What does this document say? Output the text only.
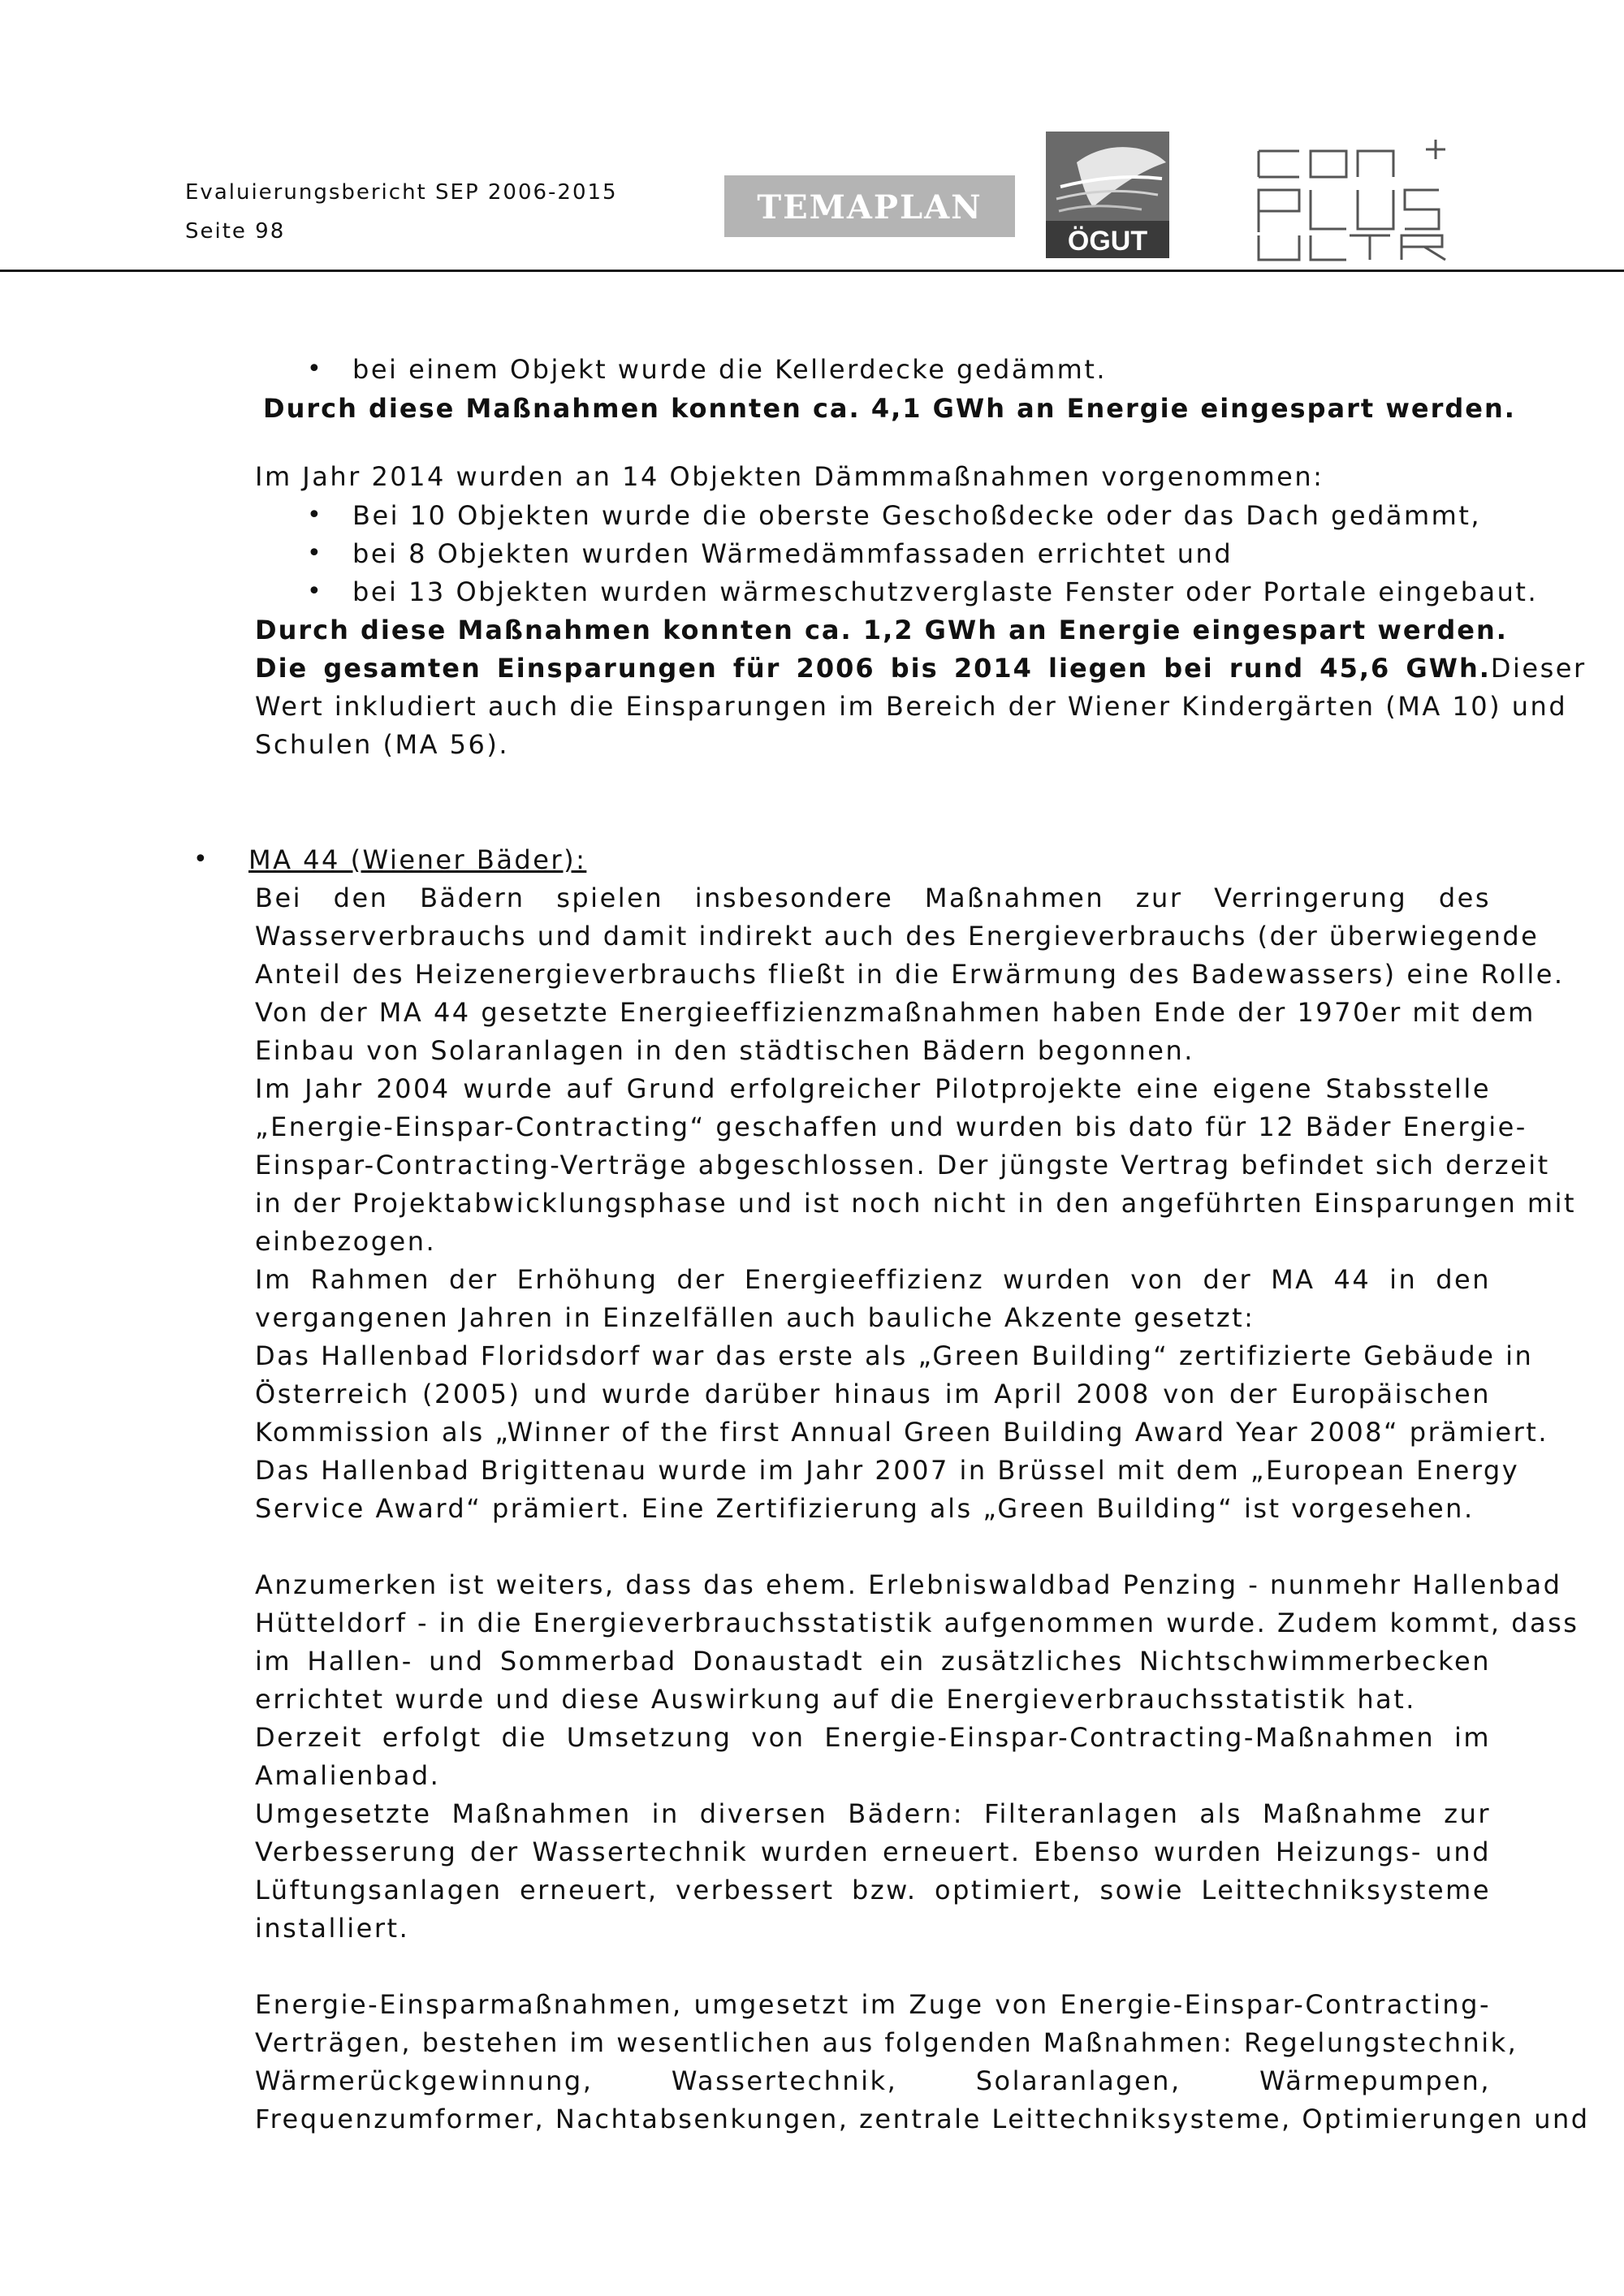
Evaluierungsbericht SEP 2006-2015
Seite 98
TEMAPLAN
ÖGUT
CON PLUS ULTRA +
• bei einem Objekt wurde die Kellerdecke gedämmt.
Durch diese Maßnahmen konnten ca. 4,1 GWh an Energie eingespart werden.
Im Jahr 2014 wurden an 14 Objekten Dämmmaßnahmen vorgenommen:
• Bei 10 Objekten wurde die oberste Geschoßdecke oder das Dach gedämmt,
• bei 8 Objekten wurden Wärmedämmfassaden errichtet und
• bei 13 Objekten wurden wärmeschutzverglaste Fenster oder Portale eingebaut.
Durch diese Maßnahmen konnten ca. 1,2 GWh an Energie eingespart werden.
Die gesamten Einsparungen für 2006 bis 2014 liegen bei rund 45,6 GWh. Dieser
Wert inkludiert auch die Einsparungen im Bereich der Wiener Kindergärten (MA 10) und
Schulen (MA 56).
• MA 44 (Wiener Bäder):
Bei den Bädern spielen insbesondere Maßnahmen zur Verringerung des
Wasserverbrauchs und damit indirekt auch des Energieverbrauchs (der überwiegende
Anteil des Heizenergieverbrauchs fließt in die Erwärmung des Badewassers) eine Rolle.
Von der MA 44 gesetzte Energieeffizienzmaßnahmen haben Ende der 1970er mit dem
Einbau von Solaranlagen in den städtischen Bädern begonnen.
Im Jahr 2004 wurde auf Grund erfolgreicher Pilotprojekte eine eigene Stabsstelle
„Energie-Einspar-Contracting“ geschaffen und wurden bis dato für 12 Bäder Energie-
Einspar-Contracting-Verträge abgeschlossen. Der jüngste Vertrag befindet sich derzeit
in der Projektabwicklungsphase und ist noch nicht in den angeführten Einsparungen mit
einbezogen.
Im Rahmen der Erhöhung der Energieeffizienz wurden von der MA 44 in den
vergangenen Jahren in Einzelfällen auch bauliche Akzente gesetzt:
Das Hallenbad Floridsdorf war das erste als „Green Building“ zertifizierte Gebäude in
Österreich (2005) und wurde darüber hinaus im April 2008 von der Europäischen
Kommission als „Winner of the first Annual Green Building Award Year 2008“ prämiert.
Das Hallenbad Brigittenau wurde im Jahr 2007 in Brüssel mit dem „European Energy
Service Award“ prämiert. Eine Zertifizierung als „Green Building“ ist vorgesehen.
Anzumerken ist weiters, dass das ehem. Erlebniswaldbad Penzing - nunmehr Hallenbad
Hütteldorf - in die Energieverbrauchsstatistik aufgenommen wurde. Zudem kommt, dass
im Hallen- und Sommerbad Donaustadt ein zusätzliches Nichtschwimmerbecken
errichtet wurde und diese Auswirkung auf die Energieverbrauchsstatistik hat.
Derzeit erfolgt die Umsetzung von Energie-Einspar-Contracting-Maßnahmen im
Amalienbad.
Umgesetzte Maßnahmen in diversen Bädern: Filteranlagen als Maßnahme zur
Verbesserung der Wassertechnik wurden erneuert. Ebenso wurden Heizungs- und
Lüftungsanlagen erneuert, verbessert bzw. optimiert, sowie Leittechniksysteme
installiert.
Energie-Einsparmaßnahmen, umgesetzt im Zuge von Energie-Einspar-Contracting-
Verträgen, bestehen im wesentlichen aus folgenden Maßnahmen: Regelungstechnik,
Wärmerückgewinnung, Wassertechnik, Solaranlagen, Wärmepumpen,
Frequenzumformer, Nachtabsenkungen, zentrale Leittechniksysteme, Optimierungen und
